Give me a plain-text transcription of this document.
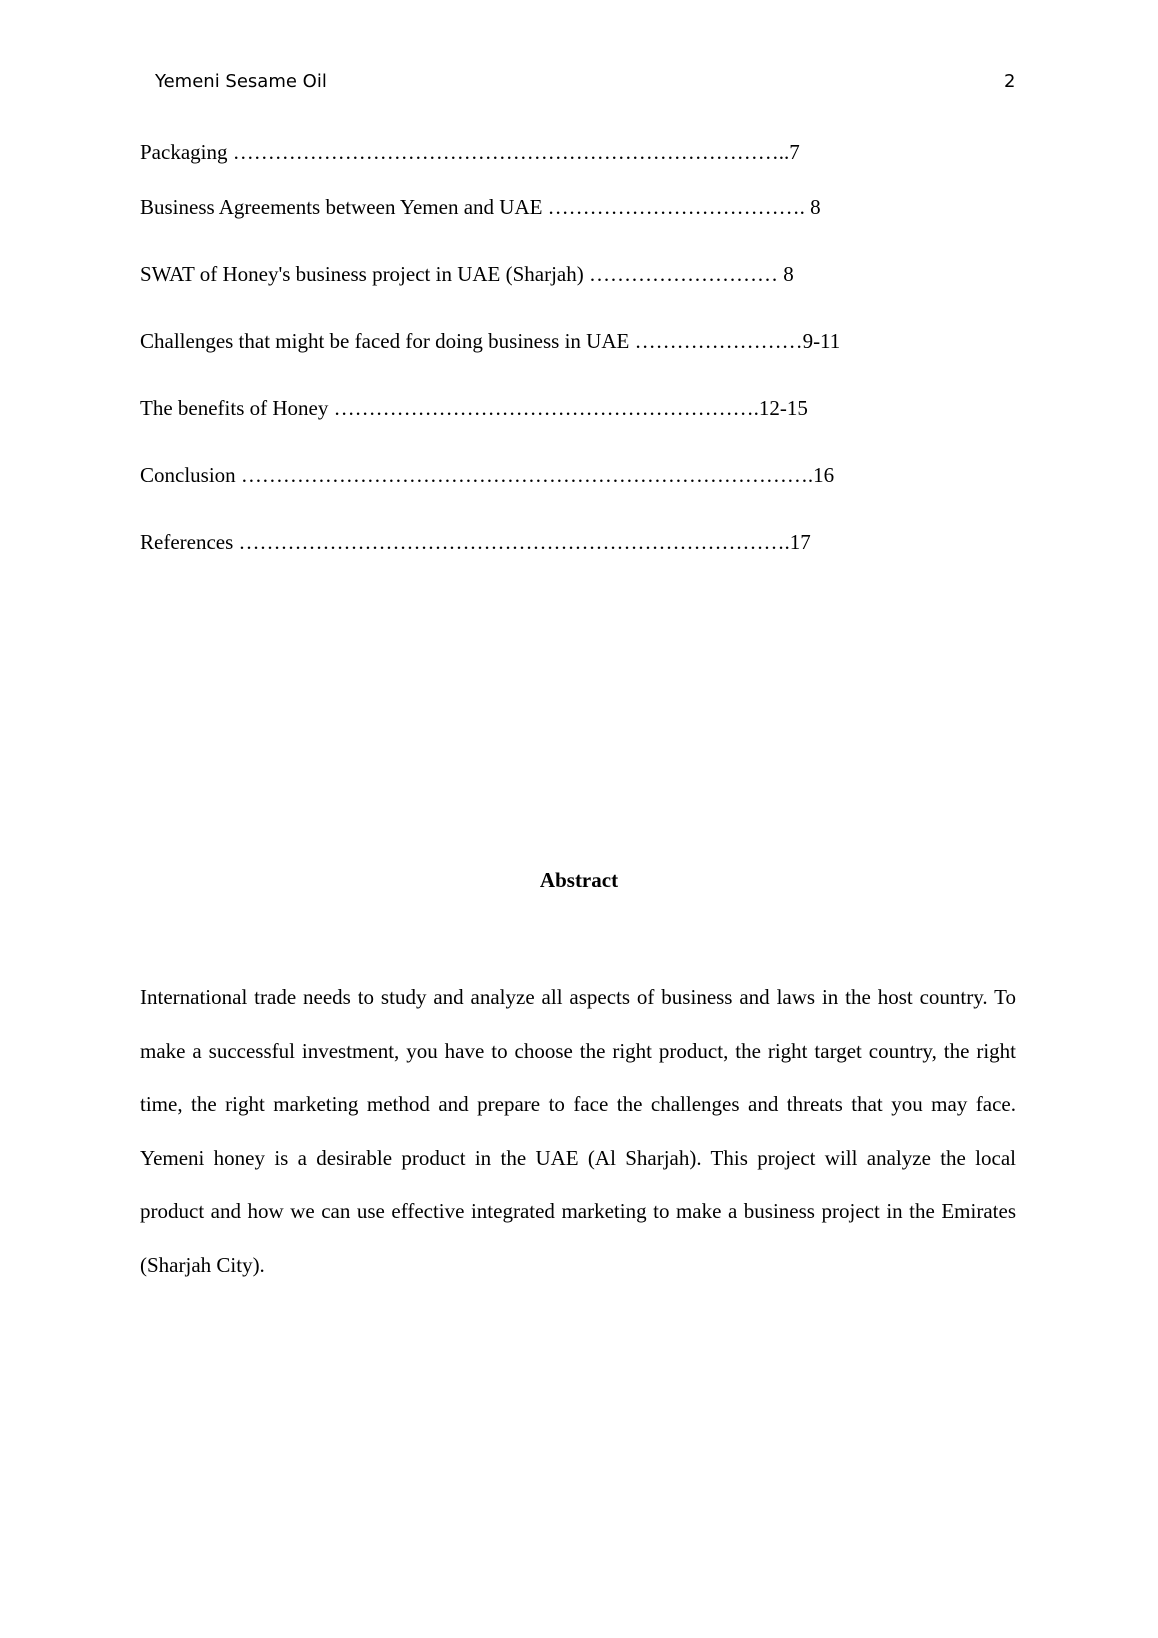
Yemeni Sesame Oil	2
Packaging ……………………………………………………………………..7
Business Agreements between Yemen and UAE ………………………………. 8
SWAT of Honey's business project in UAE (Sharjah) ……………………… 8
Challenges that might be faced for doing business in UAE ……………………9-11
The benefits of Honey …………………………………………………….12-15
Conclusion ……………………………………………………………………….16
References …………………………………………………………………….17
Abstract
International trade needs to study and analyze all aspects of business and laws in the host country. To make a successful investment, you have to choose the right product, the right target country, the right time, the right marketing method and prepare to face the challenges and threats that you may face. Yemeni honey is a desirable product in the UAE (Al Sharjah). This project will analyze the local product and how we can use effective integrated marketing to make a business project in the Emirates (Sharjah City).
